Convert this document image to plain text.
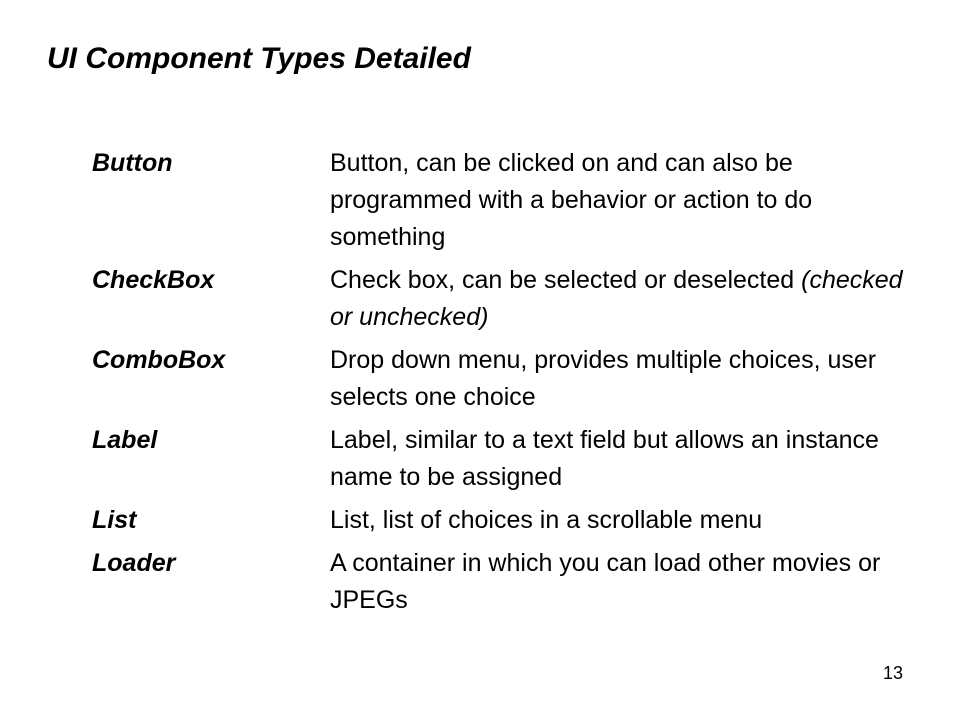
UI Component Types Detailed
Button	Button, can be clicked on and can also be programmed with a behavior or action to do something
CheckBox	Check box, can be selected or deselected (checked or unchecked)
ComboBox	Drop down menu, provides multiple choices, user selects one choice
Label	Label, similar to a text field but allows an instance name to be assigned
List	List, list of choices in a scrollable menu
Loader	A container in which you can load other movies or JPEGs
13
